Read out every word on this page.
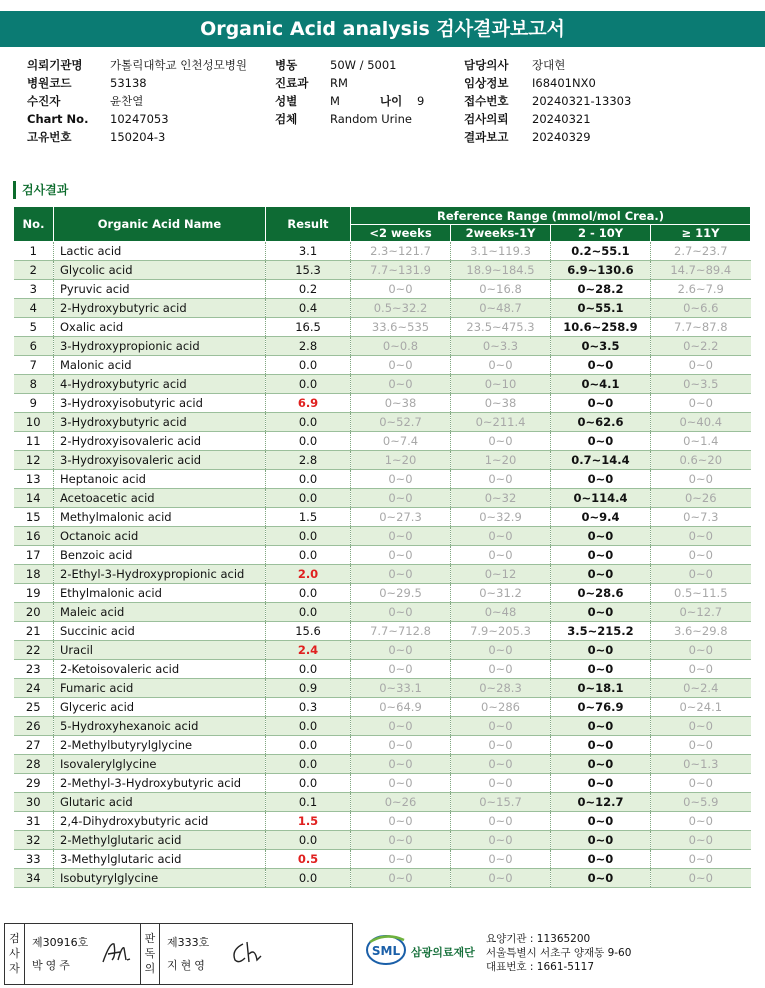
Organic Acid analysis 검사결과보고서
의뢰기관명 가톨릭대학교 인천성모병원 병동	50W / 5001	담당의사 장대현
병원코드	53138	진료과 RM	임상정보 I68401NX0
수진자	윤찬열	성별	M	나이 9	접수번호 20240321-13303
Chart No. 10247053	검체	Random Urine	검사의뢰 20240321
고유번호	150204-3	결과보고 20240329
검사결과
No.	Organic Acid Name	Result	Reference Range (mmol/mol Crea.)			
			<2 weeks	2weeks-1Y	2 - 10Y	≥ 11Y
1	Lactic acid	3.1	2.3~121.7	3.1~119.3	0.2~55.1	2.7~23.7
2	Glycolic acid	15.3	7.7~131.9	18.9~184.5	6.9~130.6	14.7~89.4
3	Pyruvic acid	0.2	0~0	0~16.8	0~28.2	2.6~7.9
4	2-Hydroxybutyric acid	0.4	0.5~32.2	0~48.7	0~55.1	0~6.6
5	Oxalic acid	16.5	33.6~535	23.5~475.3	10.6~258.9	7.7~87.8
6	3-Hydroxypropionic acid	2.8	0~0.8	0~3.3	0~3.5	0~2.2
7	Malonic acid	0.0	0~0	0~0	0~0	0~0
8	4-Hydroxybutyric acid	0.0	0~0	0~10	0~4.1	0~3.5
9	3-Hydroxyisobutyric acid	6.9	0~38	0~38	0~0	0~0
10	3-Hydroxybutyric acid	0.0	0~52.7	0~211.4	0~62.6	0~40.4
11	2-Hydroxyisovaleric acid	0.0	0~7.4	0~0	0~0	0~1.4
12	3-Hydroxyisovaleric acid	2.8	1~20	1~20	0.7~14.4	0.6~20
13	Heptanoic acid	0.0	0~0	0~0	0~0	0~0
14	Acetoacetic acid	0.0	0~0	0~32	0~114.4	0~26
15	Methylmalonic acid	1.5	0~27.3	0~32.9	0~9.4	0~7.3
16	Octanoic acid	0.0	0~0	0~0	0~0	0~0
17	Benzoic acid	0.0	0~0	0~0	0~0	0~0
18	2-Ethyl-3-Hydroxypropionic acid	2.0	0~0	0~12	0~0	0~0
19	Ethylmalonic acid	0.0	0~29.5	0~31.2	0~28.6	0.5~11.5
20	Maleic acid	0.0	0~0	0~48	0~0	0~12.7
21	Succinic acid	15.6	7.7~712.8	7.9~205.3	3.5~215.2	3.6~29.8
22	Uracil	2.4	0~0	0~0	0~0	0~0
23	2-Ketoisovaleric acid	0.0	0~0	0~0	0~0	0~0
24	Fumaric acid	0.9	0~33.1	0~28.3	0~18.1	0~2.4
25	Glyceric acid	0.3	0~64.9	0~286	0~76.9	0~24.1
26	5-Hydroxyhexanoic acid	0.0	0~0	0~0	0~0	0~0
27	2-Methylbutyrylglycine	0.0	0~0	0~0	0~0	0~0
28	Isovalerylglycine	0.0	0~0	0~0	0~0	0~1.3
29	2-Methyl-3-Hydroxybutyric acid	0.0	0~0	0~0	0~0	0~0
30	Glutaric acid	0.1	0~26	0~15.7	0~12.7	0~5.9
31	2,4-Dihydroxybutyric acid	1.5	0~0	0~0	0~0	0~0
32	2-Methylglutaric acid	0.0	0~0	0~0	0~0	0~0
33	3-Methylglutaric acid	0.5	0~0	0~0	0~0	0~0
34	Isobutyrylglycine	0.0	0~0	0~0	0~0	0~0
검
사
자
제30916호
박영주
판
독
의
제333호
지현영
SML 삼광의료재단
요양기관 : 11365200
서울특별시 서초구 양재동 9-60
대표번호 : 1661-5117
